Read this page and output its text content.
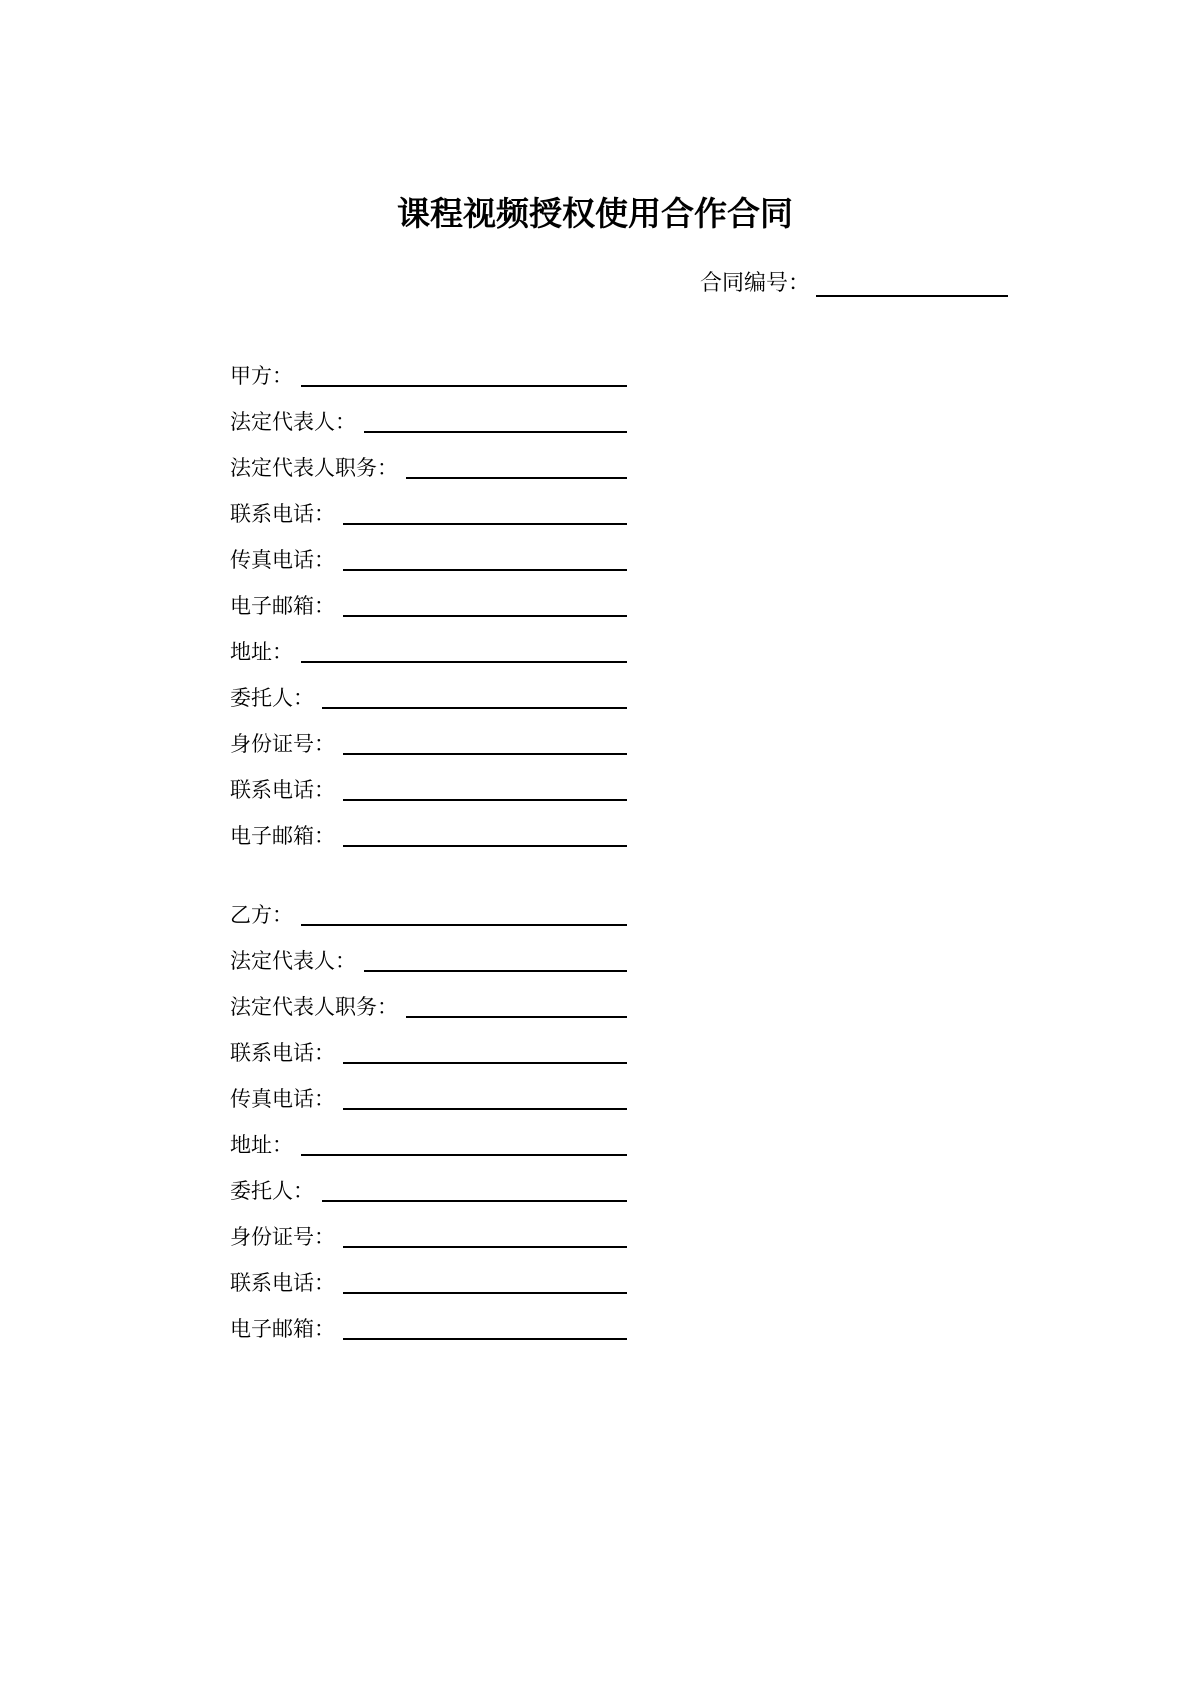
课程视频授权使用合作合同
合同编号：
甲方：
法定代表人：
法定代表人职务：
联系电话：
传真电话：
电子邮箱：
地址：
委托人：
身份证号：
联系电话：
电子邮箱：
乙方：
法定代表人：
法定代表人职务：
联系电话：
传真电话：
地址：
委托人：
身份证号：
联系电话：
电子邮箱：
